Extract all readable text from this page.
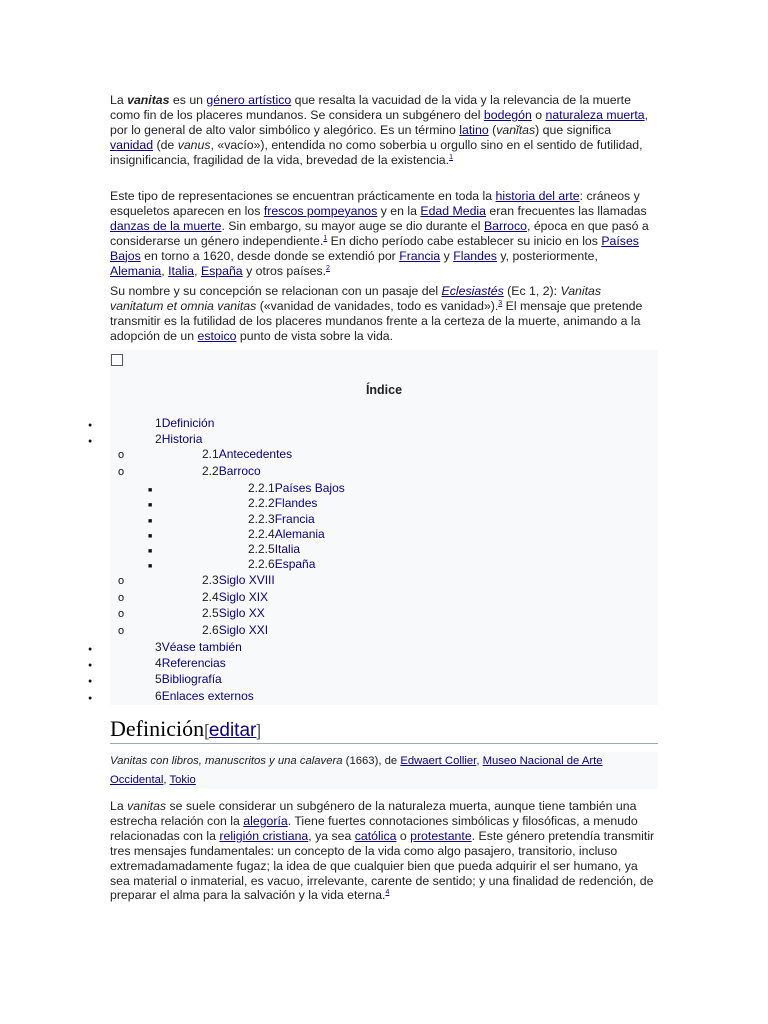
La vanitas es un género artístico que resalta la vacuidad de la vida y la relevancia de la muerte como fin de los placeres mundanos. Se considera un subgénero del bodegón o naturaleza muerta, por lo general de alto valor simbólico y alegórico. Es un término latino (vanĭtas) que significa vanidad (de vanus, «vacío»), entendida no como soberbia u orgullo sino en el sentido de futilidad, insignificancia, fragilidad de la vida, brevedad de la existencia.$^1$

Este tipo de representaciones se encuentran prácticamente en toda la historia del arte: cráneos y esqueletos aparecen en los frescos pompeyanos y en la Edad Media eran frecuentes las llamadas danzas de la muerte. Sin embargo, su mayor auge se dio durante el Barroco, época en que pasó a considerarse un género independiente.$^1$ En dicho período cabe establecer su inicio en los Países Bajos en torno a 1620, desde donde se extendió por Francia y Flandes y, posteriormente, Alemania, Italia, España y otros países.$^2$

Su nombre y su concepción se relacionan con un pasaje del Eclesiastés (Ec 1, 2): Vanitas vanitatum et omnia vanitas («vanidad de vanidades, todo es vanidad»).$^3$ El mensaje que pretende transmitir es la futilidad de los placeres mundanos frente a la certeza de la muerte, animando a la adopción de un estoico punto de vista sobre la vida.

Índice
●
1Definición
●
2Historia
o
2.1Antecedentes
o
2.2Barroco
■
2.2.1Países Bajos
■
2.2.2Flandes
■
2.2.3Francia
■
2.2.4Alemania
■
2.2.5Italia
■
2.2.6España
o
2.3Siglo XVIII
o
2.4Siglo XIX
o
2.5Siglo XX
o
2.6Siglo XXI
●
3Véase también
●
4Referencias
●
5Bibliografía
●
6Enlaces externos
Definición[editar]
Vanitas con libros, manuscritos y una calavera (1663), de Edwaert Collier, Museo Nacional de Arte Occidental, Tokio

La vanitas se suele considerar un subgénero de la naturaleza muerta, aunque tiene también una estrecha relación con la alegoría. Tiene fuertes connotaciones simbólicas y filosóficas, a menudo relacionadas con la religión cristiana, ya sea católica o protestante. Este género pretendía transmitir tres mensajes fundamentales: un concepto de la vida como algo pasajero, transitorio, incluso extremadamadamente fugaz; la idea de que cualquier bien que pueda adquirir el ser humano, ya sea material o inmaterial, es vacuo, irrelevante, carente de sentido; y una finalidad de redención, de preparar el alma para la salvación y la vida eterna.$^4$
